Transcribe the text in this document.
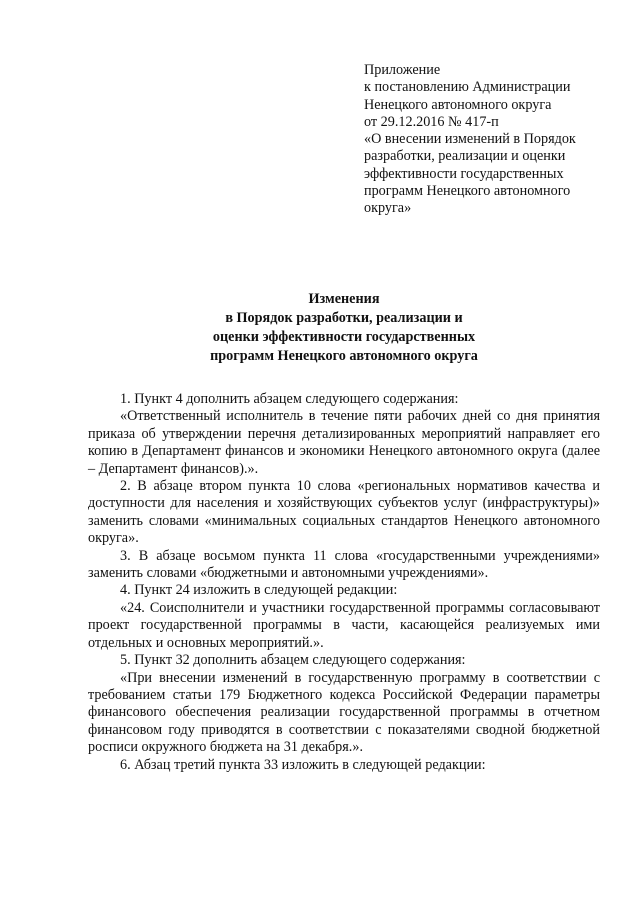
Приложение
к постановлению Администрации
Ненецкого автономного округа
от 29.12.2016 № 417-п
«О внесении изменений в Порядок
разработки, реализации и оценки
эффективности государственных
программ Ненецкого автономного
округа»
Изменения
в Порядок разработки, реализации и
оценки эффективности государственных
программ Ненецкого автономного округа

1. Пункт 4 дополнить абзацем следующего содержания:

«Ответственный исполнитель в течение пяти рабочих дней со дня принятия приказа об утверждении перечня детализированных мероприятий направляет его копию в Департамент финансов и экономики Ненецкого автономного округа (далее – Департамент финансов).».

2. В абзаце втором пункта 10 слова «региональных нормативов качества и доступности для населения и хозяйствующих субъектов услуг (инфраструктуры)» заменить словами «минимальных социальных стандартов Ненецкого автономного округа».

3. В абзаце восьмом пункта 11 слова «государственными учреждениями» заменить словами «бюджетными и автономными учреждениями».

4. Пункт 24 изложить в следующей редакции:

«24. Соисполнители и участники государственной программы согласовывают проект государственной программы в части, касающейся реализуемых ими отдельных и основных мероприятий.».

5. Пункт 32 дополнить абзацем следующего содержания:

«При внесении изменений в государственную программу в соответствии с требованием статьи 179 Бюджетного кодекса Российской Федерации параметры финансового обеспечения реализации государственной программы в отчетном финансовом году приводятся в соответствии с показателями сводной бюджетной росписи окружного бюджета на 31 декабря.».

6. Абзац третий пункта 33 изложить в следующей редакции:
